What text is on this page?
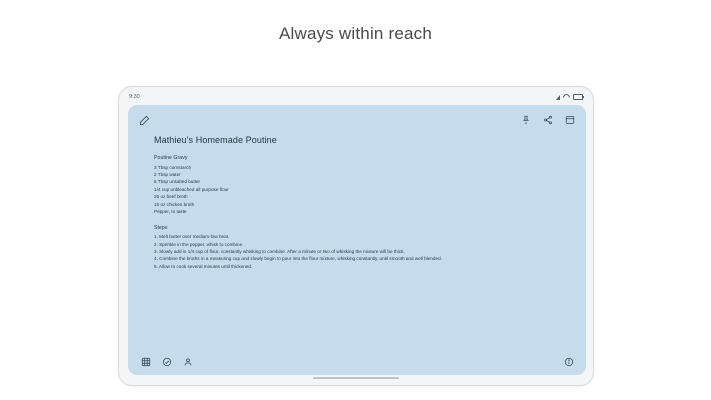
Always within reach
9:30
Mathieu's Homemade Poutine
Poutine Gravy
3 Tbsp cornstarch
2 Tbsp water
6 Tbsp unsalted butter
1/4 cup unbleached all purpose flour
20 oz beef broth
10 oz chicken broth
Pepper, to taste
Steps
1. Melt butter over medium-low heat.
2. Sprinkle in the pepper, whisk to combine.
3. Slowly add in 1/4 cup of flour, constantly whisking to combine. After a minute or two of whisking the mixture will be thick.
4. Combine the broths in a measuring cup and slowly begin to pour into the flour mixture, whisking constantly, until smooth and well blended.
5. Allow to cook several minutes until thickened.
